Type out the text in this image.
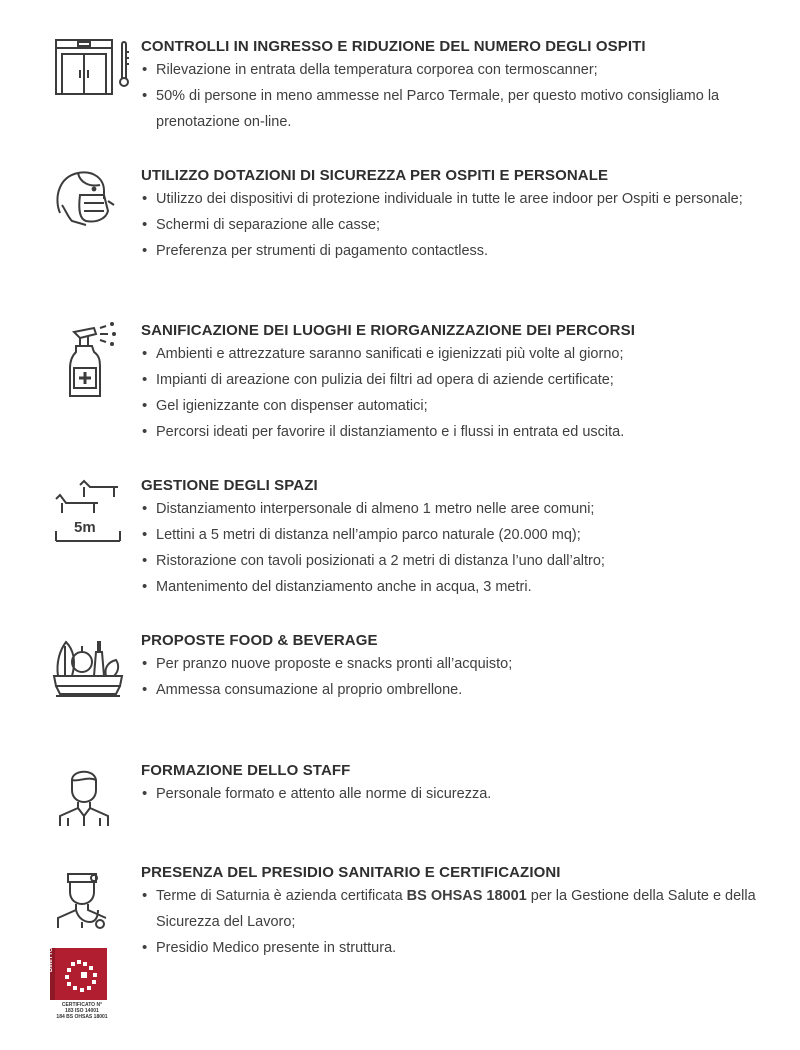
CONTROLLI IN INGRESSO E RIDUZIONE DEL NUMERO DEGLI OSPITI
• Rilevazione in entrata della temperatura corporea con termoscanner;
• 50% di persone in meno ammesse nel Parco Termale, per questo motivo consigliamo la prenotazione on-line.
UTILIZZO DOTAZIONI DI SICUREZZA PER OSPITI E PERSONALE
• Utilizzo dei dispositivi di protezione individuale in tutte le aree indoor per Ospiti e personale;
• Schermi di separazione alle casse;
• Preferenza per strumenti di pagamento contactless.
SANIFICAZIONE DEI LUOGHI E RIORGANIZZAZIONE DEI PERCORSI
• Ambienti e attrezzature saranno sanificati e igienizzati più volte al giorno;
• Impianti di areazione con pulizia dei filtri ad opera di aziende certificate;
• Gel igienizzante con dispenser automatici;
• Percorsi ideati per favorire il distanziamento e i flussi in entrata ed uscita.
5m
GESTIONE DEGLI SPAZI
• Distanziamento interpersonale di almeno 1 metro nelle aree comuni;
• Lettini a 5 metri di distanza nell’ampio parco naturale (20.000 mq);
• Ristorazione con tavoli posizionati a 2 metri di distanza l’uno dall’altro;
• Mantenimento del distanziamento anche in acqua, 3 metri.
PROPOSTE FOOD & BEVERAGE
• Per pranzo nuove proposte e snacks pronti all’acquisto;
• Ammessa consumazione al proprio ombrellone.
FORMAZIONE DELLO STAFF
• Personale formato e attento alle norme di sicurezza.
PRESENZA DEL PRESIDIO SANITARIO E CERTIFICAZIONI
• Terme di Saturnia è azienda certificata BS OHSAS 18001 per la Gestione della Salute e della Sicurezza del Lavoro;
• Presidio Medico presente in struttura.
DIMITTO
CERTIFICATO N°
183 ISO 14001
184 BS OHSAS 18001
